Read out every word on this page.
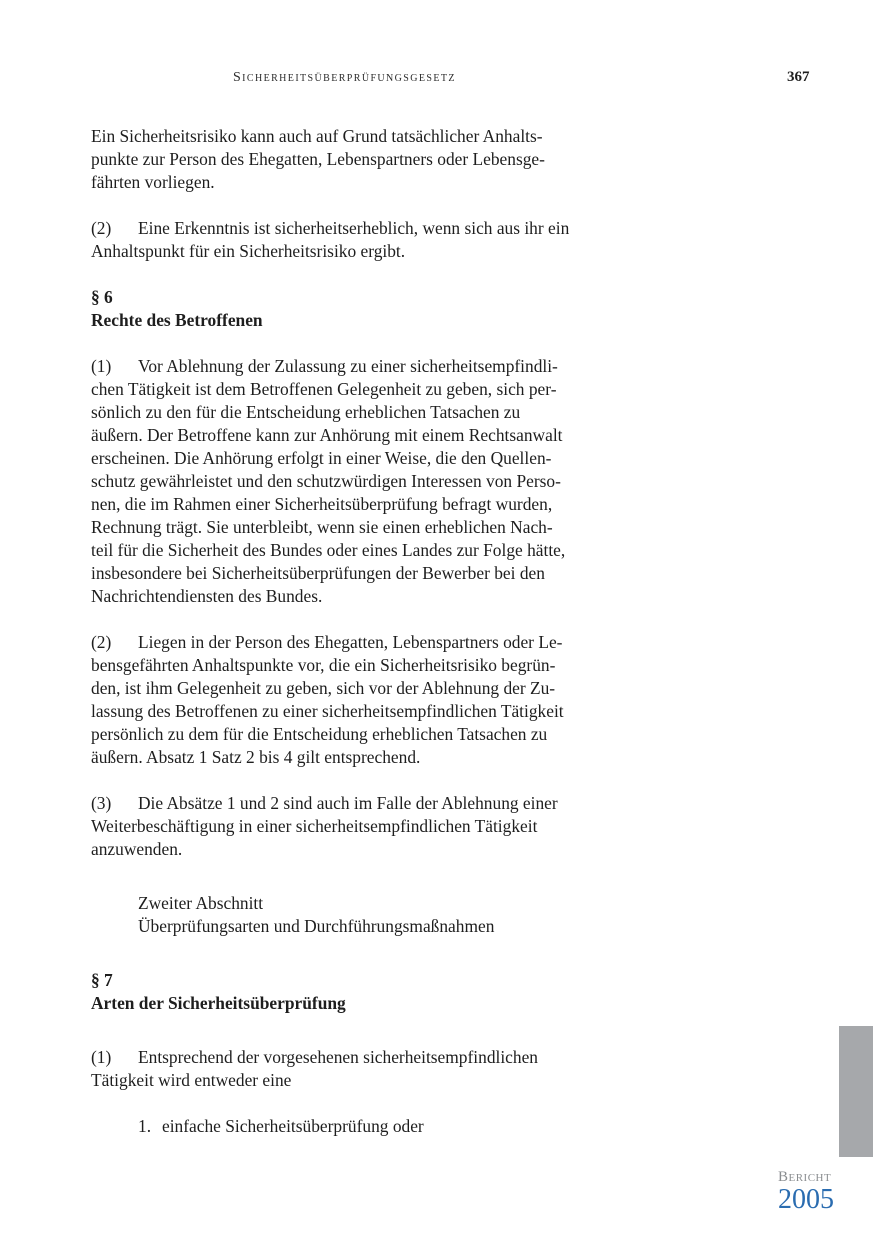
Sicherheitsüberprüfungsgesetz	367
Ein Sicherheitsrisiko kann auch auf Grund tatsächlicher Anhalts-
punkte zur Person des Ehegatten, Lebenspartners oder Lebensge-
fährten vorliegen.
(2) Eine Erkenntnis ist sicherheitserheblich, wenn sich aus ihr ein
Anhaltspunkt für ein Sicherheitsrisiko ergibt.
§ 6
Rechte des Betroffenen
(1) Vor Ablehnung der Zulassung zu einer sicherheitsempfindli-
chen Tätigkeit ist dem Betroffenen Gelegenheit zu geben, sich per-
sönlich zu den für die Entscheidung erheblichen Tatsachen zu
äußern. Der Betroffene kann zur Anhörung mit einem Rechtsanwalt
erscheinen. Die Anhörung erfolgt in einer Weise, die den Quellen-
schutz gewährleistet und den schutzwürdigen Interessen von Perso-
nen, die im Rahmen einer Sicherheitsüberprüfung befragt wurden,
Rechnung trägt. Sie unterbleibt, wenn sie einen erheblichen Nach-
teil für die Sicherheit des Bundes oder eines Landes zur Folge hätte,
insbesondere bei Sicherheitsüberprüfungen der Bewerber bei den
Nachrichtendiensten des Bundes.
(2) Liegen in der Person des Ehegatten, Lebenspartners oder Le-
bensgefährten Anhaltspunkte vor, die ein Sicherheitsrisiko begrün-
den, ist ihm Gelegenheit zu geben, sich vor der Ablehnung der Zu-
lassung des Betroffenen zu einer sicherheitsempfindlichen Tätigkeit
persönlich zu dem für die Entscheidung erheblichen Tatsachen zu
äußern. Absatz 1 Satz 2 bis 4 gilt entsprechend.
(3) Die Absätze 1 und 2 sind auch im Falle der Ablehnung einer
Weiterbeschäftigung in einer sicherheitsempfindlichen Tätigkeit
anzuwenden.
Zweiter Abschnitt
Überprüfungsarten und Durchführungsmaßnahmen
§ 7
Arten der Sicherheitsüberprüfung
(1) Entsprechend der vorgesehenen sicherheitsempfindlichen
Tätigkeit wird entweder eine
1. einfache Sicherheitsüberprüfung oder
Bericht
2005
